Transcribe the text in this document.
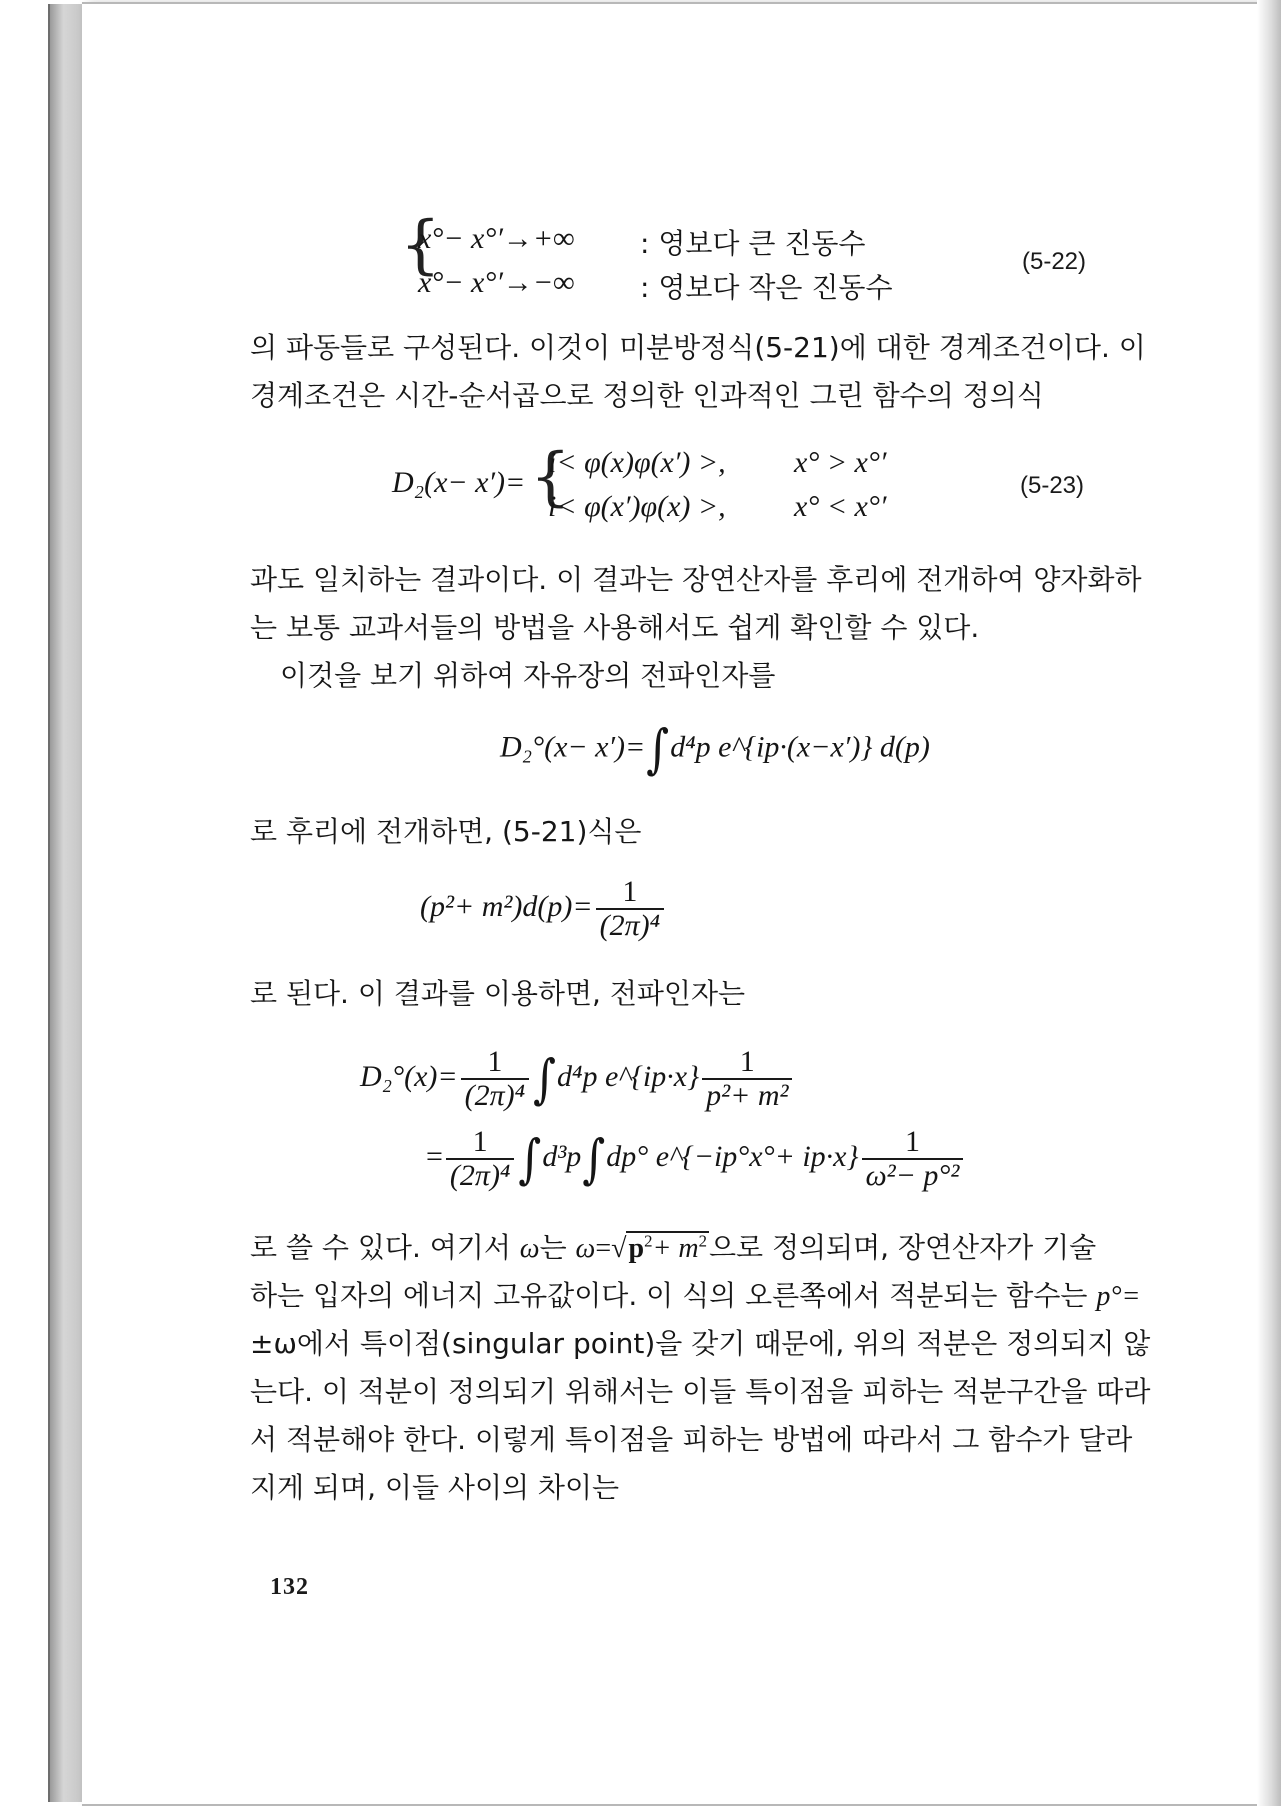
{
x°− x°′→+∞ : 영보다 큰 진동수
x°− x°′→−∞ : 영보다 작은 진동수
(5-22)
의 파동들로 구성된다. 이것이 미분방정식(5-21)에 대한 경계조건이다. 이
경계조건은 시간-순서곱으로 정의한 인과적인 그린 함수의 정의식
D₂(x− x′)= {
i< φ(x)φ(x′) >, x° > x°′
i< φ(x′)φ(x) >, x° < x°′
(5-23)
과도 일치하는 결과이다. 이 결과는 장연산자를 후리에 전개하여 양자화하
는 보통 교과서들의 방법을 사용해서도 쉽게 확인할 수 있다.
이것을 보기 위하여 자유장의 전파인자를
D₂°(x− x′)=∫d⁴p e^{ip·(x−x′)} d(p)
로 후리에 전개하면, (5-21)식은
$(p^2+ m^2)d(p)= \frac{1}{\text{(2π)⁴}}$
로 된다. 이 결과를 이용하면, 전파인자는
$D_2^\circ(x)= \frac{1}{\text{(2π)⁴}} \int d^4p$ e^{ip·x} $\frac{1}{\text{p²+ m²}}$
= $\frac{1}{\text{(2π)⁴}} \int d^3p\int dp^\circ$ e^{−ip°x°+ $ip\cdot x\} \frac{1}{\text{ω²− p°²}}$
로 쓸 수 있다. 여기서 ω는 $\omega=√p^2+ m^2$으로 정의되며, 장연산자가 기술
하는 입자의 에너지 고유값이다. 이 식의 오른쪽에서 적분되는 함수는 p°=
±ω에서 특이점(singular point)을 갖기 때문에, 위의 적분은 정의되지 않
는다. 이 적분이 정의되기 위해서는 이들 특이점을 피하는 적분구간을 따라
서 적분해야 한다. 이렇게 특이점을 피하는 방법에 따라서 그 함수가 달라
지게 되며, 이들 사이의 차이는
132
